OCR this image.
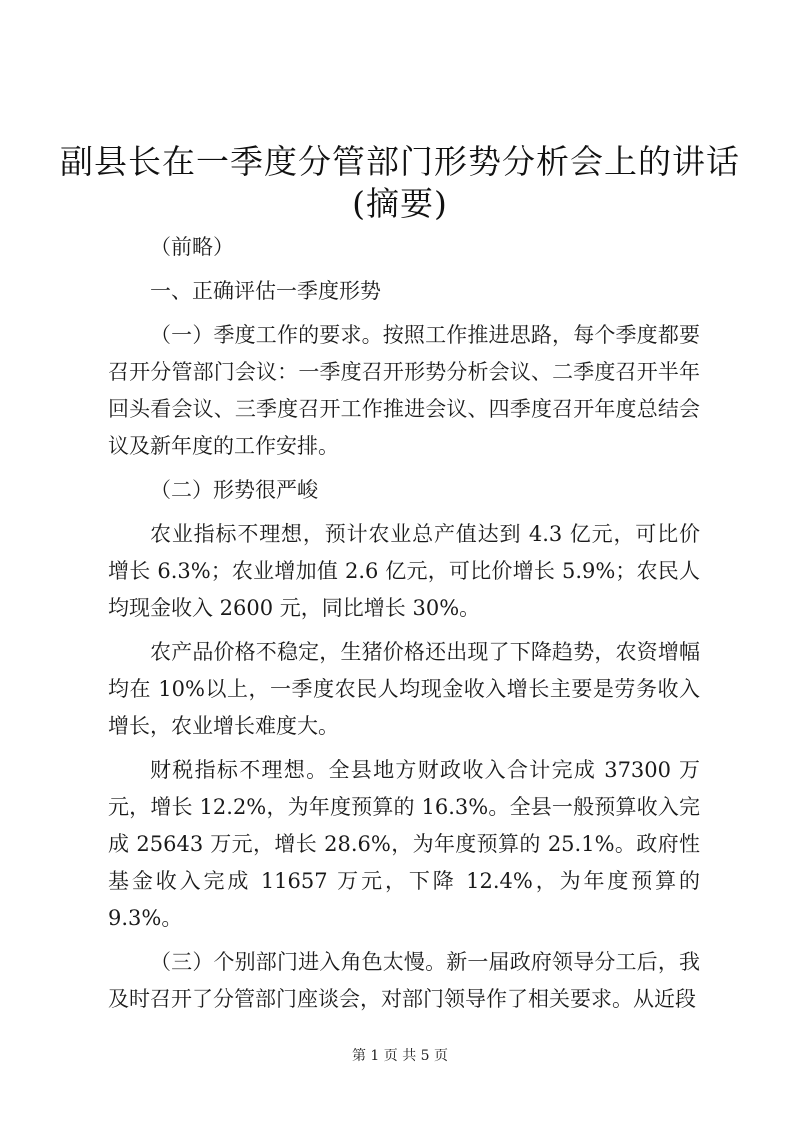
副县长在一季度分管部门形势分析会上的讲话
(摘要)

（前略）

一、正确评估一季度形势

（一）季度工作的要求。按照工作推进思路，每个季度都要召开分管部门会议：一季度召开形势分析会议、二季度召开半年回头看会议、三季度召开工作推进会议、四季度召开年度总结会议及新年度的工作安排。

（二）形势很严峻

农业指标不理想，预计农业总产值达到 4.3 亿元，可比价增长 6.3%；农业增加值 2.6 亿元，可比价增长 5.9%；农民人均现金收入 2600 元，同比增长 30%。

农产品价格不稳定，生猪价格还出现了下降趋势，农资增幅均在 10%以上，一季度农民人均现金收入增长主要是劳务收入增长，农业增长难度大。

财税指标不理想。全县地方财政收入合计完成 37300 万元，增长 12.2%，为年度预算的 16.3%。全县一般预算收入完成 25643 万元，增长 28.6%，为年度预算的 25.1%。政府性基金收入完成 11657 万元，下降 12.4%，为年度预算的 9.3%。

（三）个别部门进入角色太慢。新一届政府领导分工后，我及时召开了分管部门座谈会，对部门领导作了相关要求。从近段

第 1 页 共 5 页
